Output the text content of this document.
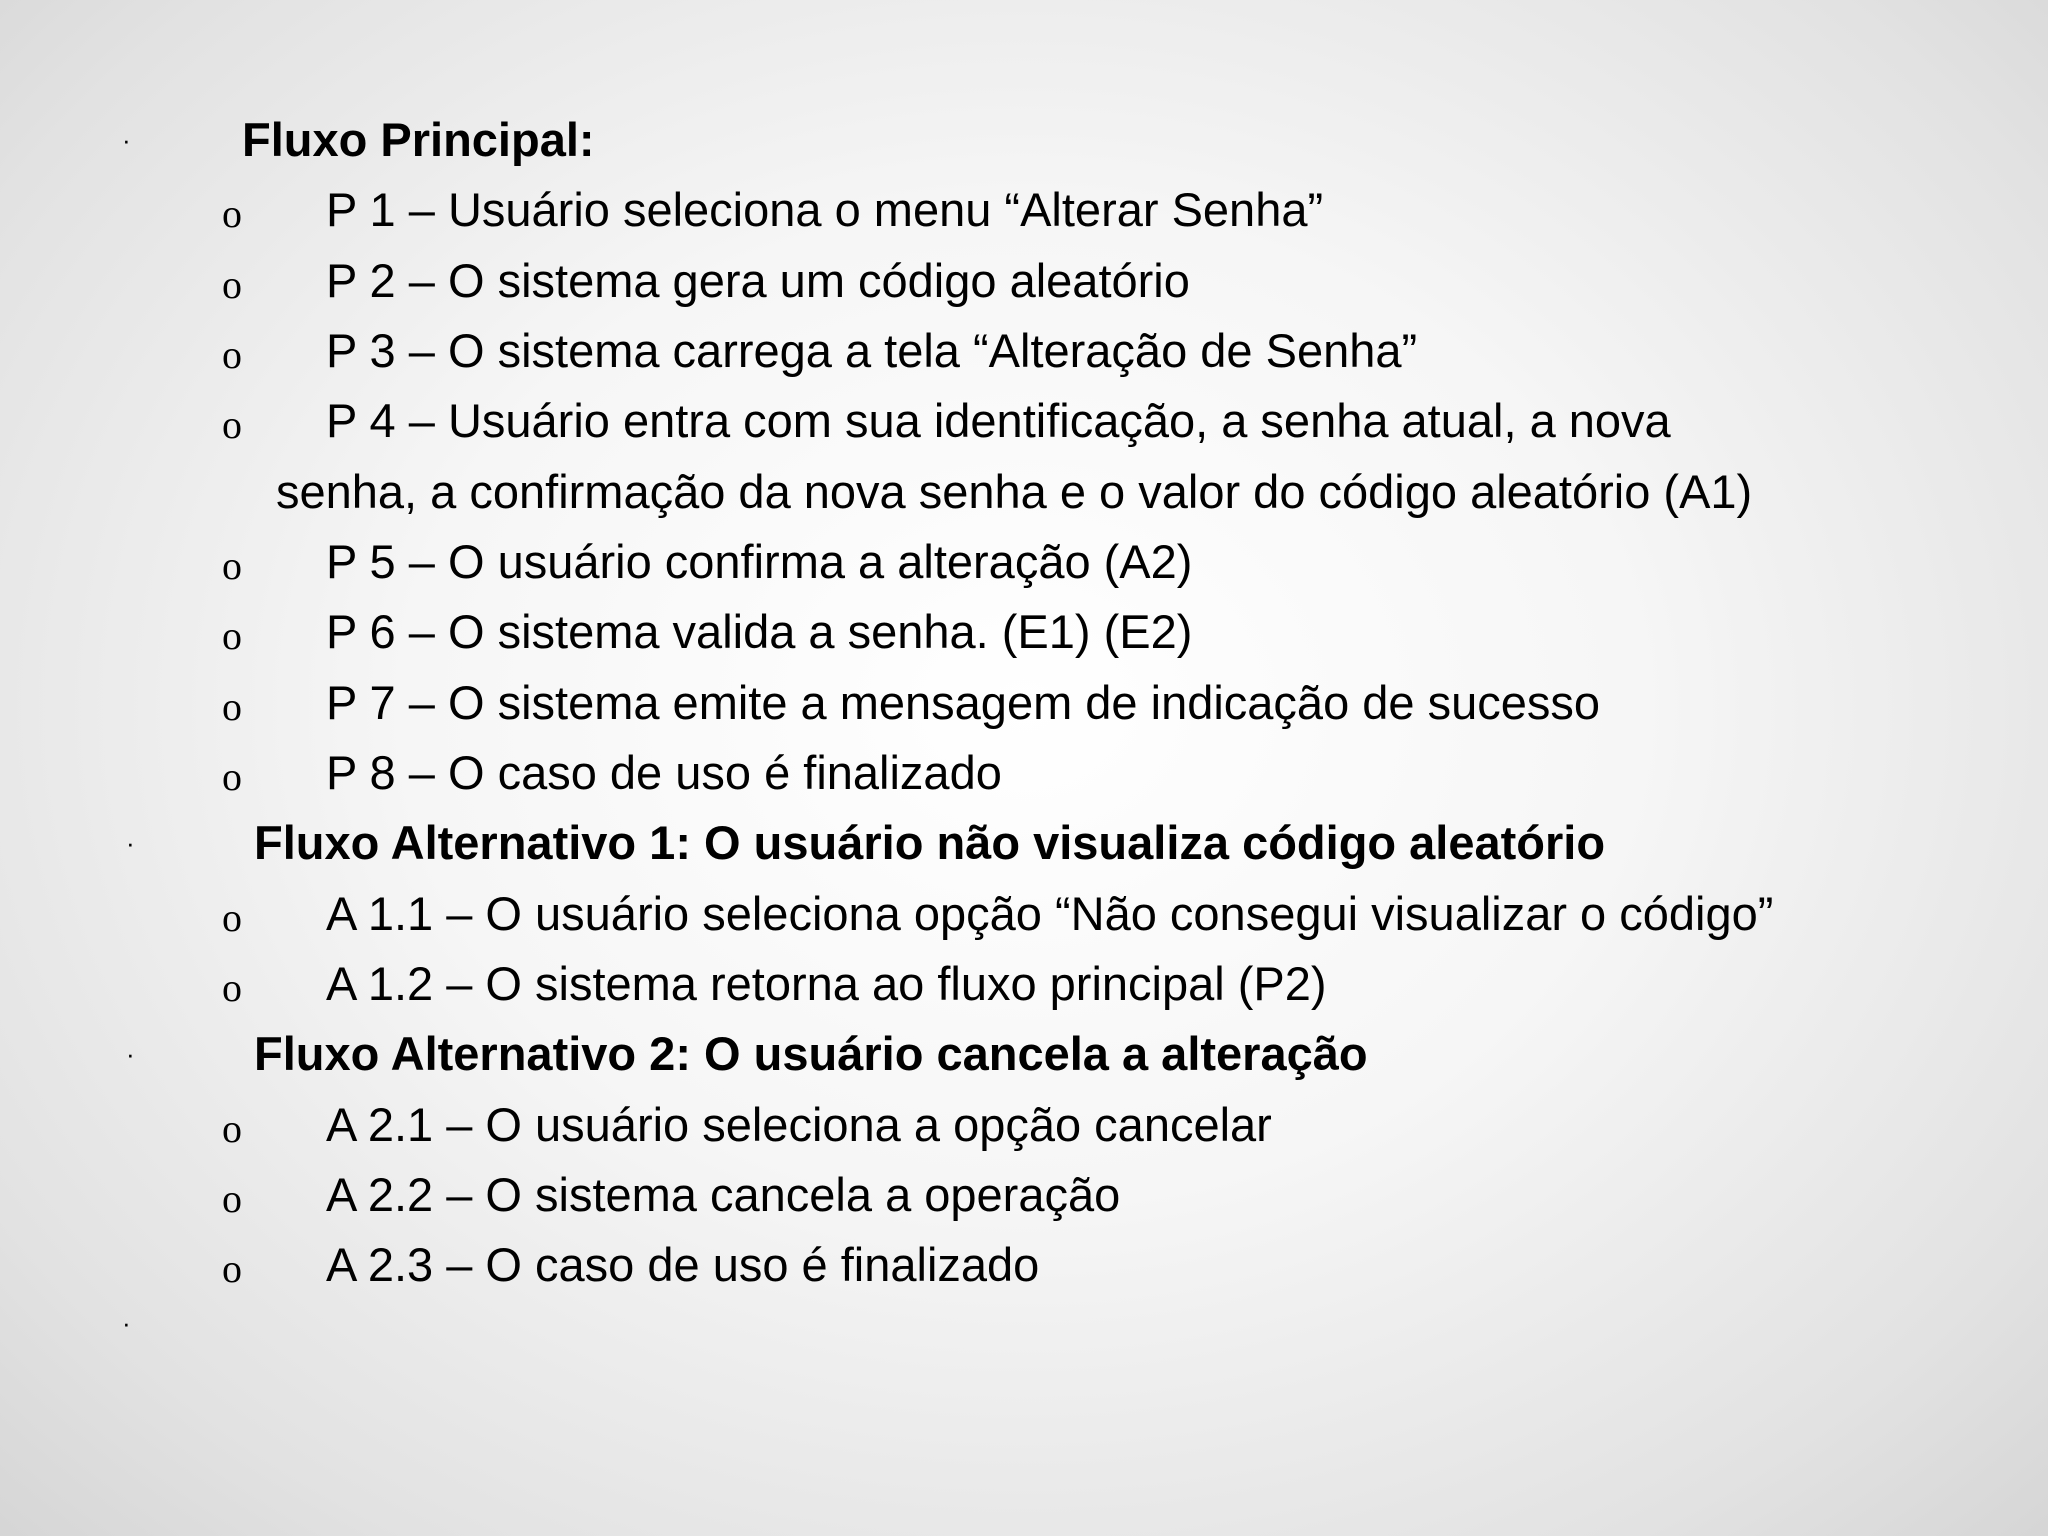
· Fluxo Principal:
o P 1 – Usuário seleciona o menu “Alterar Senha”
o P 2 – O sistema gera um código aleatório
o P 3 – O sistema carrega a tela “Alteração de Senha”
o P 4 – Usuário entra com sua identificação, a senha atual, a nova
senha, a confirmação da nova senha e o valor do código aleatório (A1)
o P 5 – O usuário confirma a alteração (A2)
o P 6 – O sistema valida a senha. (E1) (E2)
o P 7 – O sistema emite a mensagem de indicação de sucesso
o P 8 – O caso de uso é finalizado
·	Fluxo Alternativo 1: O usuário não visualiza código aleatório
o A 1.1 – O usuário seleciona opção “Não consegui visualizar o código”
o A 1.2 – O sistema retorna ao fluxo principal (P2)
·	Fluxo Alternativo 2: O usuário cancela a alteração
o A 2.1 – O usuário seleciona a opção cancelar
o A 2.2 – O sistema cancela a operação
o A 2.3 – O caso de uso é finalizado
·
